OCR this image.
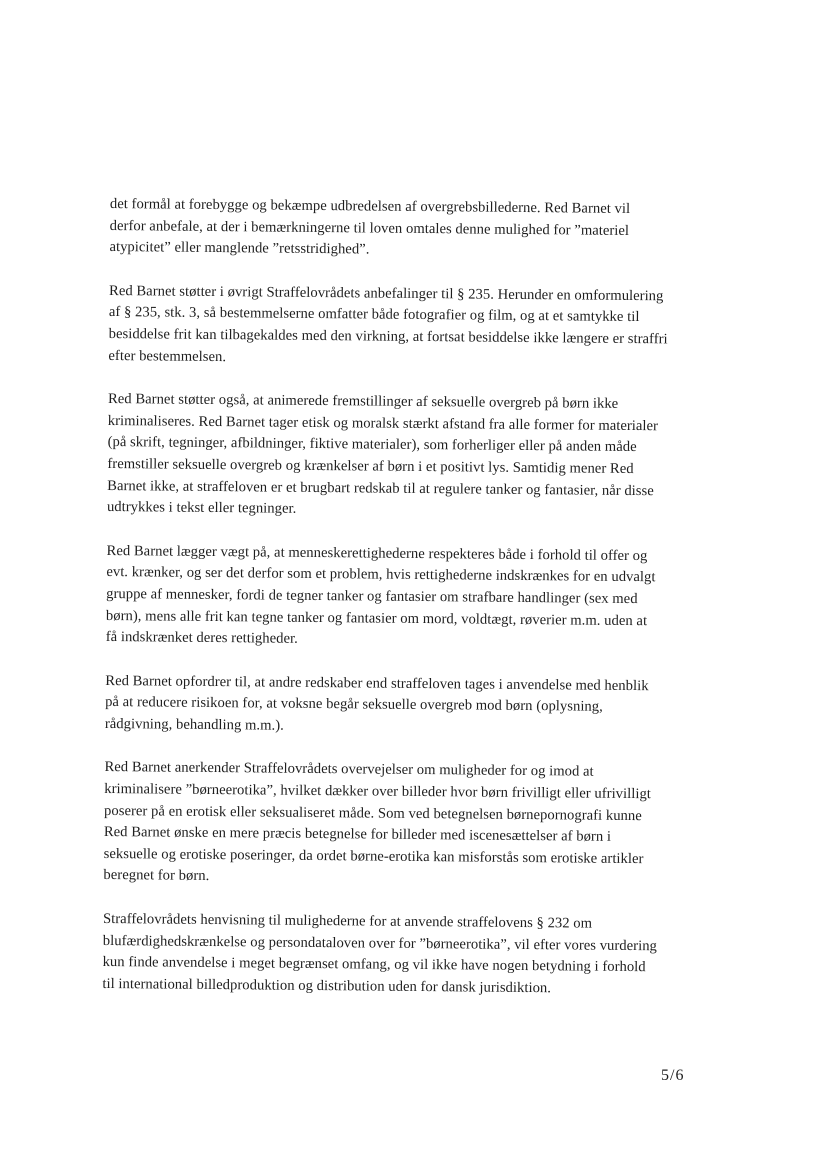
det formål at forebygge og bekæmpe udbredelsen af overgrebsbillederne. Red Barnet vil
derfor anbefale, at der i bemærkningerne til loven omtales denne mulighed for ”materiel
atypicitet” eller manglende ”retsstridighed”.

Red Barnet støtter i øvrigt Straffelovrådets anbefalinger til § 235. Herunder en omformulering
af § 235, stk. 3, så bestemmelserne omfatter både fotografier og film, og at et samtykke til
besiddelse frit kan tilbagekaldes med den virkning, at fortsat besiddelse ikke længere er straffri
efter bestemmelsen.

Red Barnet støtter også, at animerede fremstillinger af seksuelle overgreb på børn ikke
kriminaliseres. Red Barnet tager etisk og moralsk stærkt afstand fra alle former for materialer
(på skrift, tegninger, afbildninger, fiktive materialer), som forherliger eller på anden måde
fremstiller seksuelle overgreb og krænkelser af børn i et positivt lys. Samtidig mener Red
Barnet ikke, at straffeloven er et brugbart redskab til at regulere tanker og fantasier, når disse
udtrykkes i tekst eller tegninger.

Red Barnet lægger vægt på, at menneskerettighederne respekteres både i forhold til offer og
evt. krænker, og ser det derfor som et problem, hvis rettighederne indskrænkes for en udvalgt
gruppe af mennesker, fordi de tegner tanker og fantasier om strafbare handlinger (sex med
børn), mens alle frit kan tegne tanker og fantasier om mord, voldtægt, røverier m.m. uden at
få indskrænket deres rettigheder.

Red Barnet opfordrer til, at andre redskaber end straffeloven tages i anvendelse med henblik
på at reducere risikoen for, at voksne begår seksuelle overgreb mod børn (oplysning,
rådgivning, behandling m.m.).

Red Barnet anerkender Straffelovrådets overvejelser om muligheder for og imod at
kriminalisere ”børneerotika”, hvilket dækker over billeder hvor børn frivilligt eller ufrivilligt
poserer på en erotisk eller seksualiseret måde. Som ved betegnelsen børnepornografi kunne
Red Barnet ønske en mere præcis betegnelse for billeder med iscenesættelser af børn i
seksuelle og erotiske poseringer, da ordet børne-erotika kan misforstås som erotiske artikler
beregnet for børn.

Straffelovrådets henvisning til mulighederne for at anvende straffelovens § 232 om
blufærdighedskrænkelse og persondataloven over for ”børneerotika”, vil efter vores vurdering
kun finde anvendelse i meget begrænset omfang, og vil ikke have nogen betydning i forhold
til international billedproduktion og distribution uden for dansk jurisdiktion.

5/6
